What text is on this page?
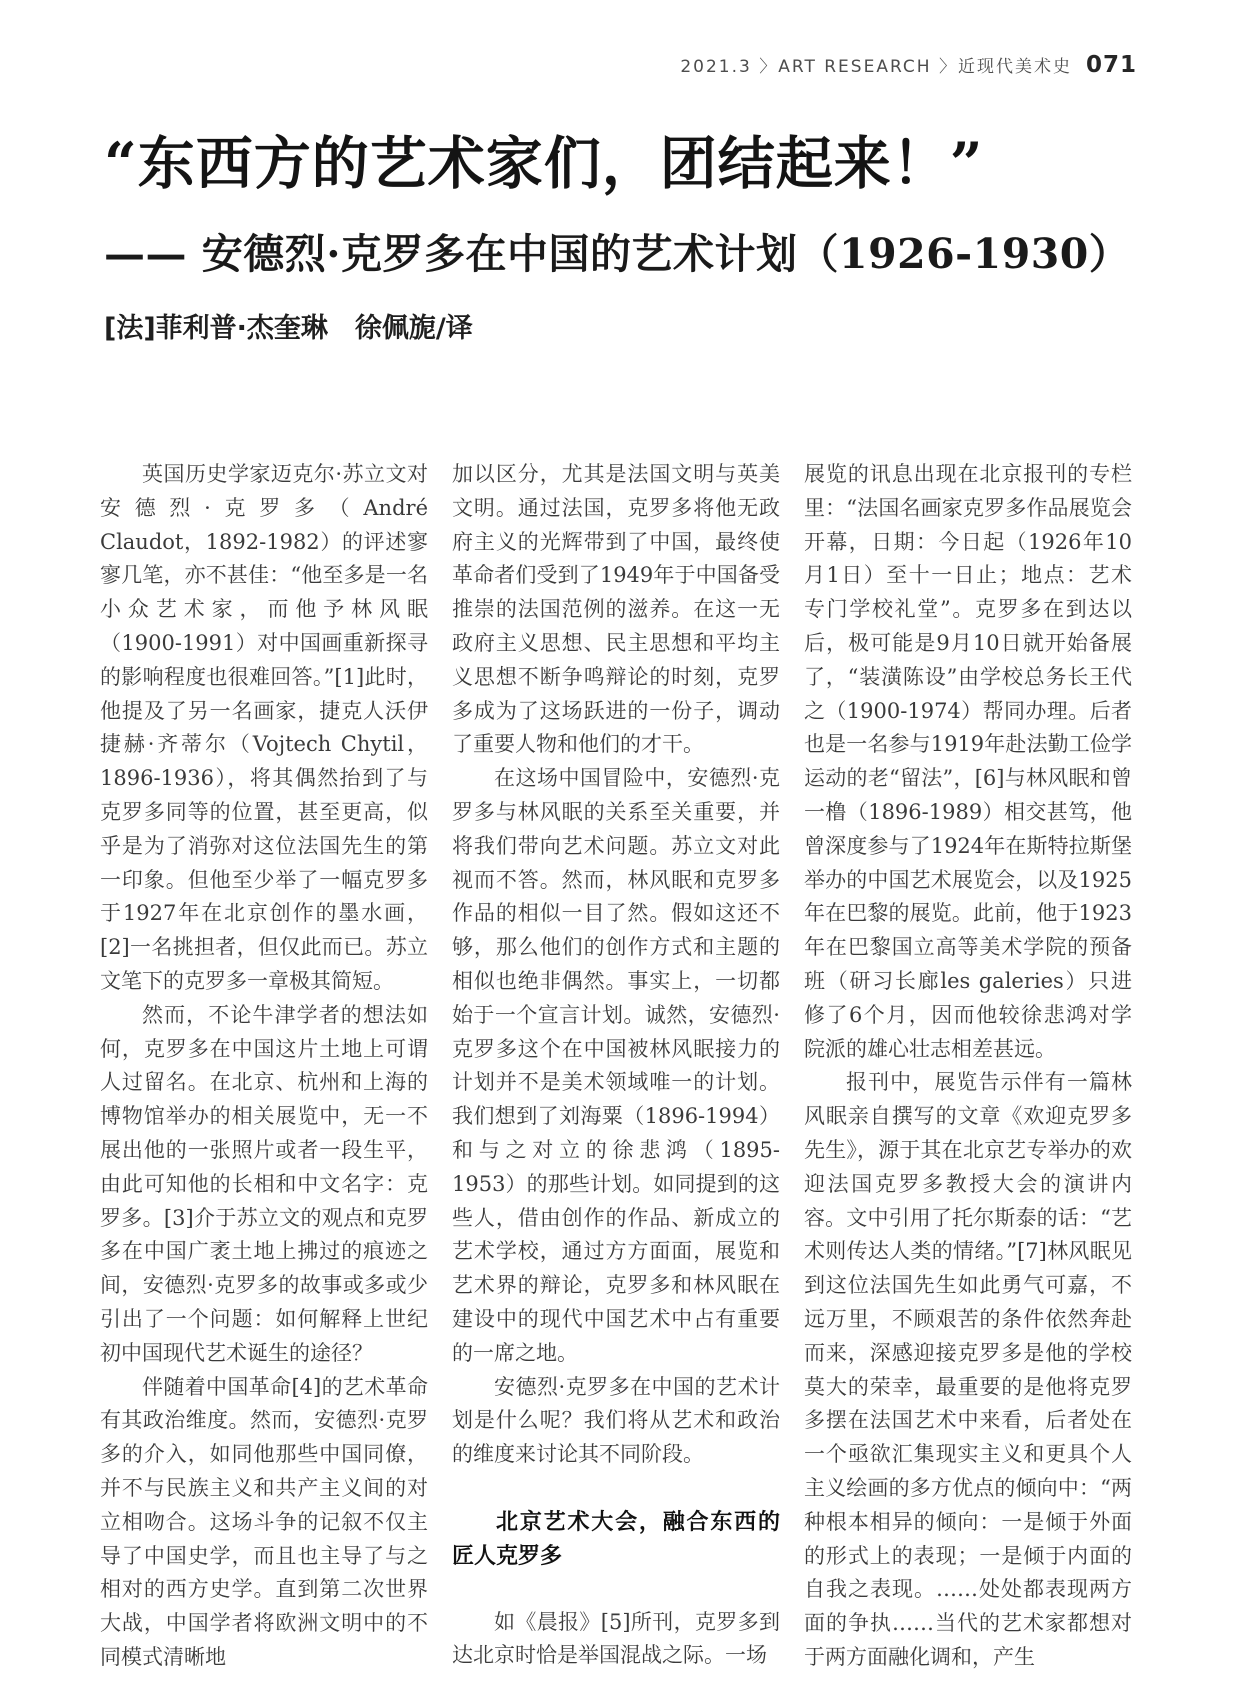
2021.3 〉ART RESEARCH 〉近现代美术史 071
“东西方的艺术家们，团结起来！”
—— 安德烈·克罗多在中国的艺术计划（1926-1930）
[法]菲利普·杰奎琳　徐佩旎/译

英国历史学家迈克尔·苏立文对安德烈·克罗多（André Claudot，1892-1982）的评述寥寥几笔，亦不甚佳：“他至多是一名小众艺术家，而他予林风眠（1900-1991）对中国画重新探寻的影响程度也很难回答。”[1]此时，他提及了另一名画家，捷克人沃伊捷赫·齐蒂尔（Vojtech Chytil，1896-1936），将其偶然抬到了与克罗多同等的位置，甚至更高，似乎是为了消弥对这位法国先生的第一印象。但他至少举了一幅克罗多于1927年在北京创作的墨水画，[2]一名挑担者，但仅此而已。苏立文笔下的克罗多一章极其简短。

然而，不论牛津学者的想法如何，克罗多在中国这片土地上可谓人过留名。在北京、杭州和上海的博物馆举办的相关展览中，无一不展出他的一张照片或者一段生平，由此可知他的长相和中文名字：克罗多。[3]介于苏立文的观点和克罗多在中国广袤土地上拂过的痕迹之间，安德烈·克罗多的故事或多或少引出了一个问题：如何解释上世纪初中国现代艺术诞生的途径？

伴随着中国革命[4]的艺术革命有其政治维度。然而，安德烈·克罗多的介入，如同他那些中国同僚，并不与民族主义和共产主义间的对立相吻合。这场斗争的记叙不仅主导了中国史学，而且也主导了与之相对的西方史学。直到第二次世界大战，中国学者将欧洲文明中的不同模式清晰地

加以区分，尤其是法国文明与英美文明。通过法国，克罗多将他无政府主义的光辉带到了中国，最终使革命者们受到了1949年于中国备受推崇的法国范例的滋养。在这一无政府主义思想、民主思想和平均主义思想不断争鸣辩论的时刻，克罗多成为了这场跃进的一份子，调动了重要人物和他们的才干。

在这场中国冒险中，安德烈·克罗多与林风眠的关系至关重要，并将我们带向艺术问题。苏立文对此视而不答。然而，林风眠和克罗多作品的相似一目了然。假如这还不够，那么他们的创作方式和主题的相似也绝非偶然。事实上，一切都始于一个宣言计划。诚然，安德烈·克罗多这个在中国被林风眠接力的计划并不是美术领域唯一的计划。我们想到了刘海粟（1896-1994）和与之对立的徐悲鸿（1895-1953）的那些计划。如同提到的这些人，借由创作的作品、新成立的艺术学校，通过方方面面，展览和艺术界的辩论，克罗多和林风眠在建设中的现代中国艺术中占有重要的一席之地。

安德烈·克罗多在中国的艺术计划是什么呢？我们将从艺术和政治的维度来讨论其不同阶段。

北京艺术大会，融合东西的匠人克罗多

如《晨报》[5]所刊，克罗多到达北京时恰是举国混战之际。一场

展览的讯息出现在北京报刊的专栏里：“法国名画家克罗多作品展览会开幕，日期：今日起（1926年10月1日）至十一日止；地点：艺术专门学校礼堂”。克罗多在到达以后，极可能是9月10日就开始备展了，“装潢陈设”由学校总务长王代之（1900-1974）帮同办理。后者也是一名参与1919年赴法勤工俭学运动的老“留法”，[6]与林风眠和曾一橹（1896-1989）相交甚笃，他曾深度参与了1924年在斯特拉斯堡举办的中国艺术展览会，以及1925年在巴黎的展览。此前，他于1923年在巴黎国立高等美术学院的预备班（研习长廊les galeries）只进修了6个月，因而他较徐悲鸿对学院派的雄心壮志相差甚远。

报刊中，展览告示伴有一篇林风眠亲自撰写的文章《欢迎克罗多先生》，源于其在北京艺专举办的欢迎法国克罗多教授大会的演讲内容。文中引用了托尔斯泰的话：“艺术则传达人类的情绪。”[7]林风眠见到这位法国先生如此勇气可嘉，不远万里，不顾艰苦的条件依然奔赴而来，深感迎接克罗多是他的学校莫大的荣幸，最重要的是他将克罗多摆在法国艺术中来看，后者处在一个亟欲汇集现实主义和更具个人主义绘画的多方优点的倾向中：“两种根本相异的倾向：一是倾于外面的形式上的表现；一是倾于内面的自我之表现。……处处都表现两方面的争执……当代的艺术家都想对于两方面融化调和，产生
